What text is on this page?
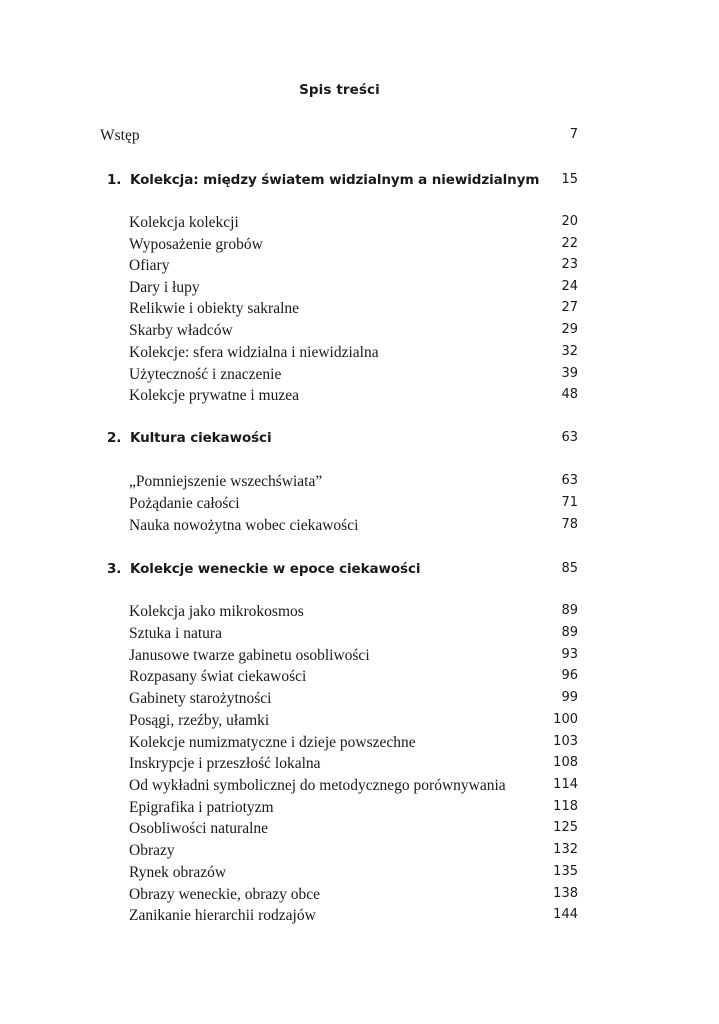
Spis treści
Wstęp	7
1. Kolekcja: między światem widzialnym a niewidzialnym 15
Kolekcja kolekcji	20
Wyposażenie grobów	22
Ofiary	23
Dary i łupy	24
Relikwie i obiekty sakralne	27
Skarby władców	29
Kolekcje: sfera widzialna i niewidzialna	32
Użyteczność i znaczenie	39
Kolekcje prywatne i muzea	48
2. Kultura ciekawości	63
„Pomniejszenie wszechświata”	63
Pożądanie całości	71
Nauka nowożytna wobec ciekawości	78
3. Kolekcje weneckie w epoce ciekawości	85
Kolekcja jako mikrokosmos	89
Sztuka i natura	89
Janusowe twarze gabinetu osobliwości	93
Rozpasany świat ciekawości	96
Gabinety starożytności	99
Posągi, rzeźby, ułamki	100
Kolekcje numizmatyczne i dzieje powszechne	103
Inskrypcje i przeszłość lokalna	108
Od wykładni symbolicznej do metodycznego porównywania	114
Epigrafika i patriotyzm	118
Osobliwości naturalne	125
Obrazy	132
Rynek obrazów	135
Obrazy weneckie, obrazy obce	138
Zanikanie hierarchii rodzajów	144
